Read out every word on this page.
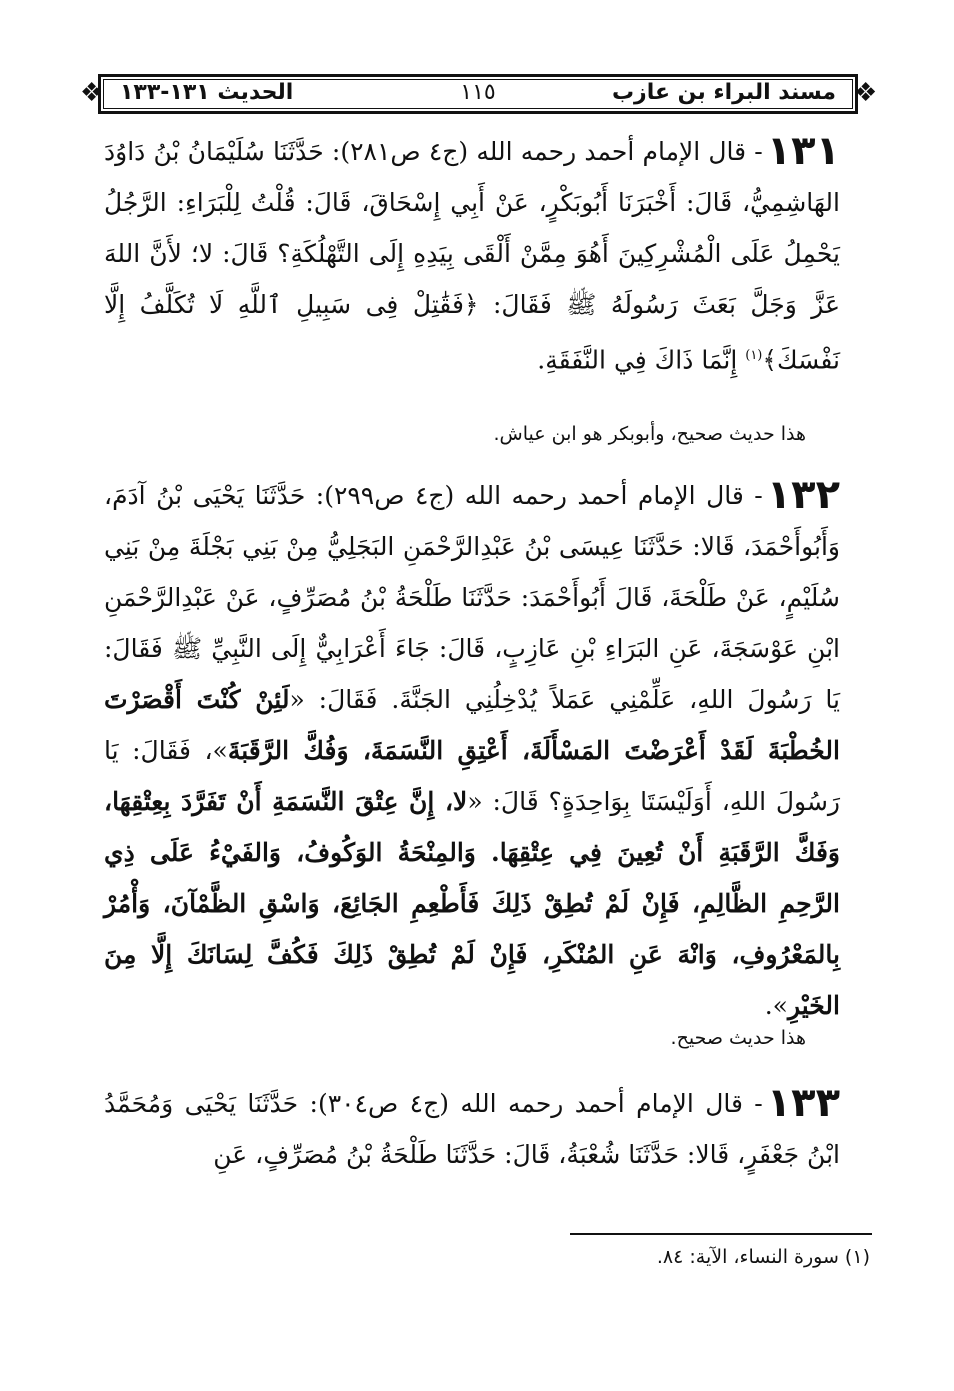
❖
❖	مسند البراء بن عازب
١١٥
الحديث ١٣١-١٣٣
١٣١- قال الإمام أحمد رحمه الله (ج٤ ص٢٨١): حَدَّثَنَا سُلَيْمَانُ بْنُ دَاوُدَ الهَاشِمِيُّ، قَالَ: أَخْبَرَنَا أَبُوبَكْرٍ، عَنْ أَبِي إِسْحَاقَ، قَالَ: قُلْتُ لِلْبَرَاءِ: الرَّجُلُ يَحْمِلُ عَلَى الْمُشْرِكِينَ أَهُوَ مِمَّنْ أَلْقَى بِيَدِهِ إِلَى التَّهْلُكَةِ؟ قَالَ: لا؛ لأَنَّ اللهَ عَزَّ وَجَلَّ بَعَثَ رَسُولَهُ ﷺ فَقَالَ: ﴿فَقَٰتِلْ فِى سَبِيلِ ٱللَّهِ لَا تُكَلَّفُ إِلَّا نَفْسَكَ﴾$^{(١)}$ إِنَّمَا ذَاكَ فِي النَّفَقَةِ.
هذا حديث صحيح، وأبوبكر هو ابن عياش.
١٣٢- قال الإمام أحمد رحمه الله (ج٤ ص٢٩٩): حَدَّثَنَا يَحْيَى بْنُ آدَمَ، وَأَبُوأَحْمَدَ، قَالا: حَدَّثَنَا عِيسَى بْنُ عَبْدِالرَّحْمَنِ البَجَلِيُّ مِنْ بَنِي بَجْلَةَ مِنْ بَنِي سُلَيْمٍ، عَنْ طَلْحَةَ، قَالَ أَبُوأَحْمَدَ: حَدَّثَنَا طَلْحَةُ بْنُ مُصَرِّفٍ، عَنْ عَبْدِالرَّحْمَنِ ابْنِ عَوْسَجَةَ، عَنِ البَرَاءِ بْنِ عَازِبٍ، قَالَ: جَاءَ أَعْرَابِيٌّ إِلَى النَّبِيِّ ﷺ فَقَالَ: يَا رَسُولَ اللهِ، عَلِّمْنِي عَمَلاً يُدْخِلُنِي الجَنَّةَ. فَقَالَ: «لَئِنْ كُنْتَ أَقْصَرْتَ الخُطْبَةَ لَقَدْ أَعْرَضْتَ المَسْأَلَةَ، أَعْتِقِ النَّسَمَةَ، وَفُكَّ الرَّقَبَةَ»، فَقَالَ: يَا رَسُولَ اللهِ، أَوَلَيْسَتَا بِوَاحِدَةٍ؟ قَالَ: «لا، إِنَّ عِتْقَ النَّسَمَةِ أَنْ تَفَرَّدَ بِعِتْقِهَا، وَفَكَّ الرَّقَبَةِ أَنْ تُعِينَ فِي عِتْقِهَا. وَالمِنْحَةُ الوَكُوفُ، وَالفَيْءُ عَلَى ذِي الرَّحِمِ الظَّالِمِ، فَإِنْ لَمْ تُطِقْ ذَلِكَ فَأَطْعِمِ الجَائِعَ، وَاسْقِ الظَّمْآنَ، وَأْمُرْ بِالمَعْرُوفِ، وَانْهَ عَنِ المُنْكَرِ، فَإِنْ لَمْ تُطِقْ ذَلِكَ فَكُفَّ لِسَانَكَ إِلَّا مِنَ الخَيْرِ».
هذا حديث صحيح.
١٣٣- قال الإمام أحمد رحمه الله (ج٤ ص٣٠٤): حَدَّثَنَا يَحْيَى وَمُحَمَّدُ ابْنُ جَعْفَرٍ، قَالا: حَدَّثَنَا شُعْبَةُ، قَالَ: حَدَّثَنَا طَلْحَةُ بْنُ مُصَرِّفٍ، عَنِ
(١) سورة النساء، الآية: ٨٤.
